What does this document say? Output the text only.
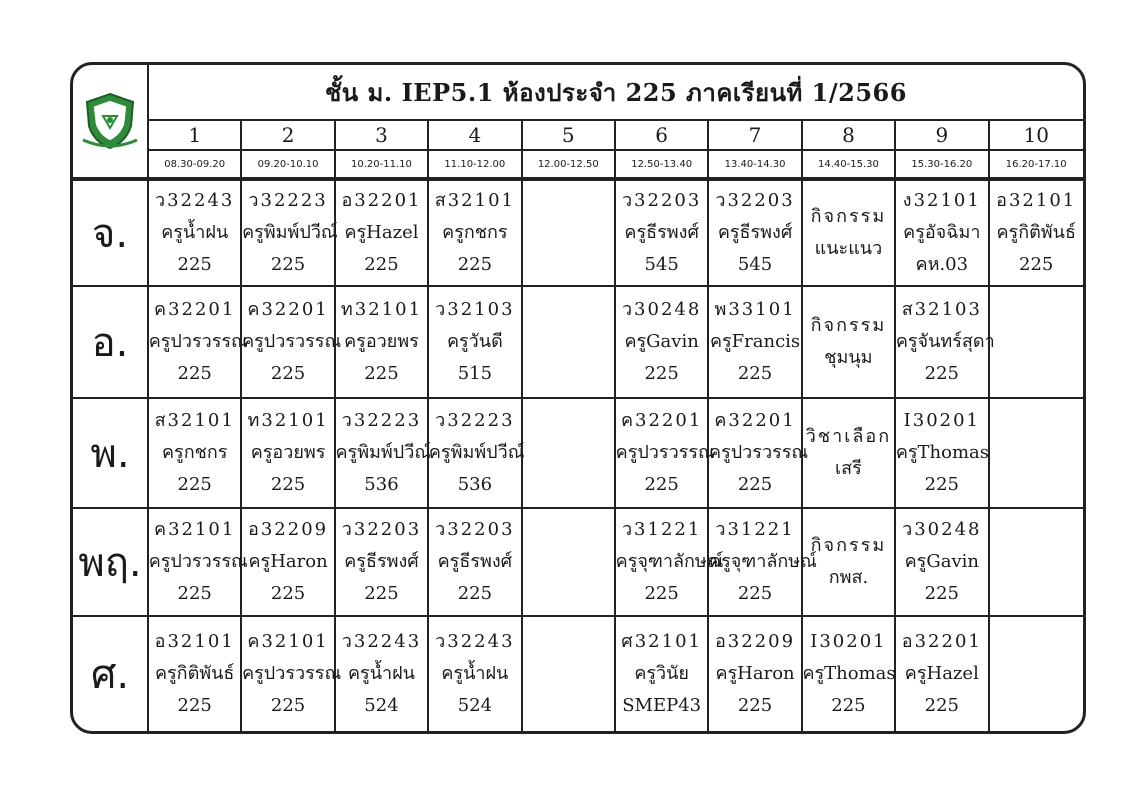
ชั้น ม. IEP5.1 ห้องประจำ 225 ภาคเรียนที่ 1/2566
1
08.30-09.20
2
09.20-10.10
3
10.20-11.10
4
11.10-12.00
5
12.00-12.50
6
12.50-13.40
7
13.40-14.30
8
14.40-15.30
9
15.30-16.20
10
16.20-17.10
จ.
ว32243
ครูน้ำฝน
225
ว32223
ครูพิมพ์ปวีณ์
225
อ32201
ครูHazel
225
ส32101
ครูกชกร
225
ว32203
ครูธีรพงศ์
545
ว32203
ครูธีรพงศ์
545
กิจกรรม
แนะแนว
ง32101
ครูอัจฉิมา
คห.03
อ32101
ครูกิติพันธ์
225
อ.
ค32201
ครูปวรวรรณ
225
ค32201
ครูปวรวรรณ
225
ท32101
ครูอวยพร
225
ว32103
ครูวันดี
515
ว30248
ครูGavin
225
พ33101
ครูFrancis
225
กิจกรรม
ชุมนุม
ส32103
ครูจันทร์สุดา
225
พ.
ส32101
ครูกชกร
225
ท32101
ครูอวยพร
225
ว32223
ครูพิมพ์ปวีณ์
536
ว32223
ครูพิมพ์ปวีณ์
536
ค32201
ครูปวรวรรณ
225
ค32201
ครูปวรวรรณ
225
วิชาเลือก
เสรี
I30201
ครูThomas
225
พฤ.
ค32101
ครูปวรวรรณ
225
อ32209
ครูHaron
225
ว32203
ครูธีรพงศ์
225
ว32203
ครูธีรพงศ์
225
ว31221
ครูจุฑาลักษณ์
225
ว31221
ครูจุฑาลักษณ์
225
กิจกรรม
กพส.
ว30248
ครูGavin
225
ศ.
อ32101
ครูกิติพันธ์
225
ค32101
ครูปวรวรรณ
225
ว32243
ครูน้ำฝน
524
ว32243
ครูน้ำฝน
524
ศ32101
ครูวินัย
SMEP43
อ32209
ครูHaron
225
I30201
ครูThomas
225
อ32201
ครูHazel
225
